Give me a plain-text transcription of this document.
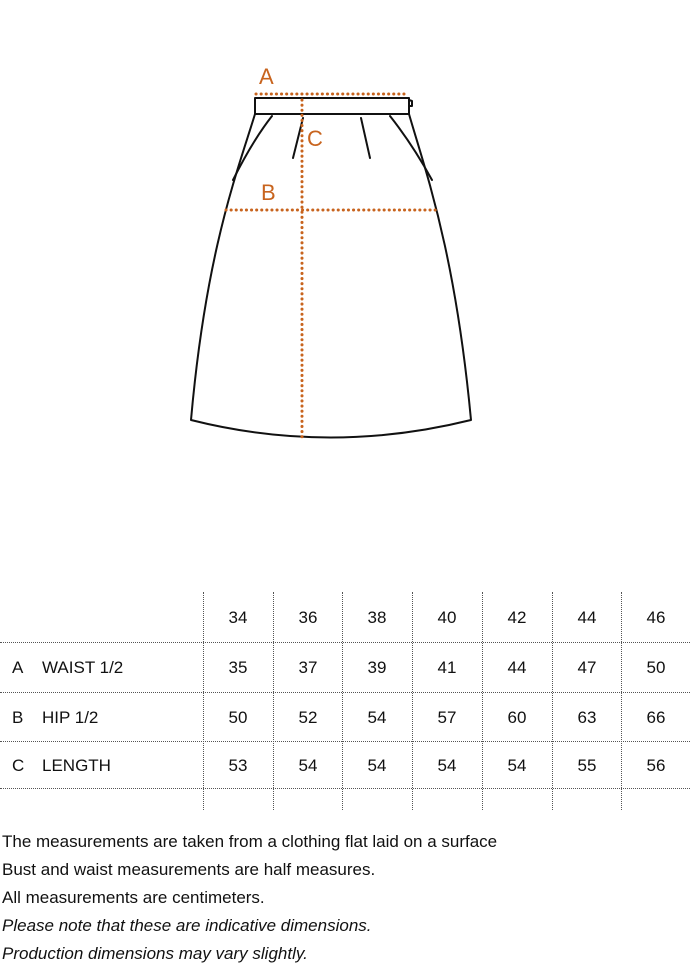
A
B
C
34	36	38	40	42	44	46
A WAIST 1/2	35	37	39	41	44	47	50
B HIP 1/2	50	52	54	57	60	63	66
C LENGTH	53	54	54	54	54	55	56

The measurements are taken from a clothing flat laid on a surface

Bust and waist measurements are half measures.

All measurements are centimeters.

Please note that these are indicative dimensions.

Production dimensions may vary slightly.
